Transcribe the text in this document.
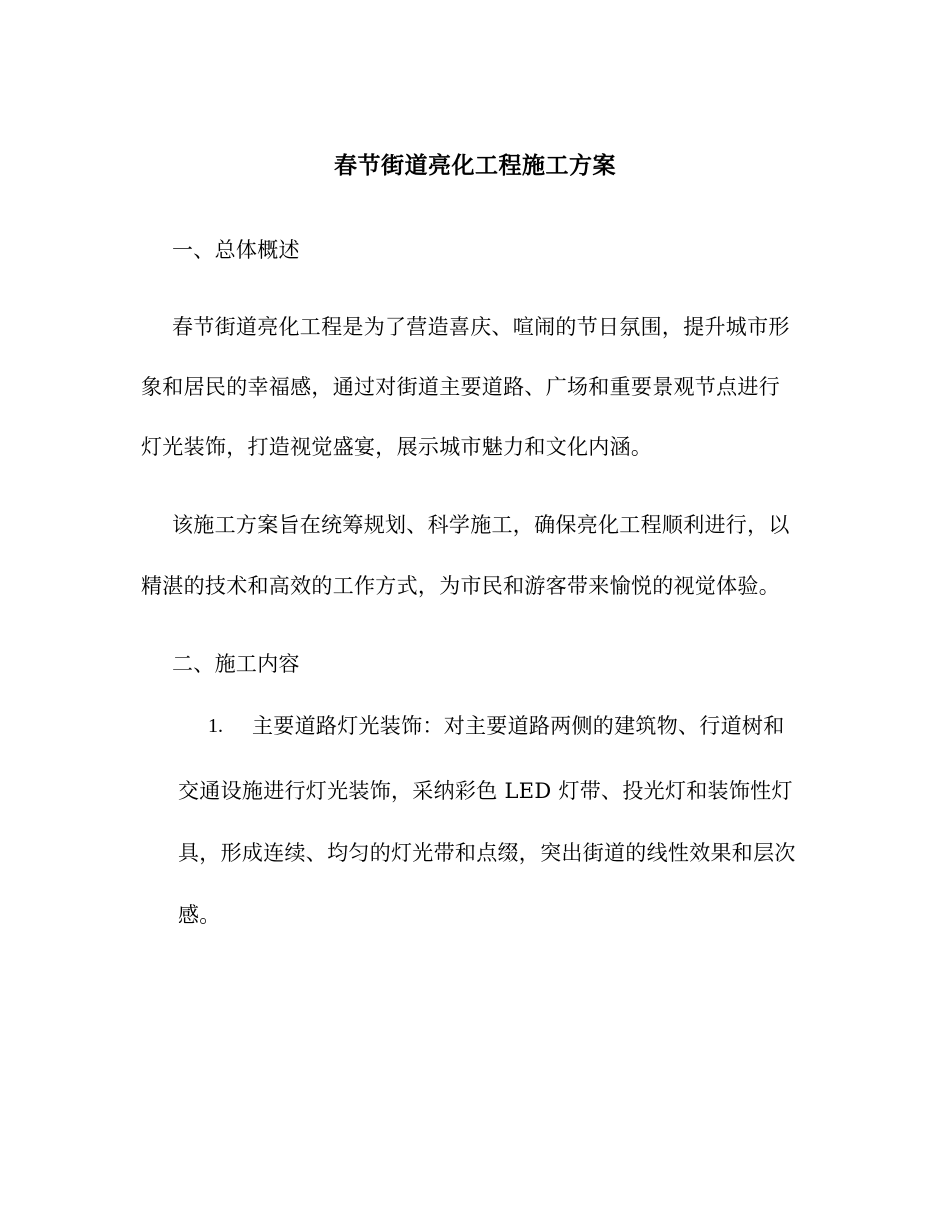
春节街道亮化工程施工方案
一、总体概述
春节街道亮化工程是为了营造喜庆、喧闹的节日氛围，提升城市形
象和居民的幸福感，通过对街道主要道路、广场和重要景观节点进行
灯光装饰，打造视觉盛宴，展示城市魅力和文化内涵。
该施工方案旨在统筹规划、科学施工，确保亮化工程顺利进行，以
精湛的技术和高效的工作方式，为市民和游客带来愉悦的视觉体验。
二、施工内容
1. 主要道路灯光装饰：对主要道路两侧的建筑物、行道树和
交通设施进行灯光装饰，采纳彩色 LED 灯带、投光灯和装饰性灯
具，形成连续、均匀的灯光带和点缀，突出街道的线性效果和层次
感。
